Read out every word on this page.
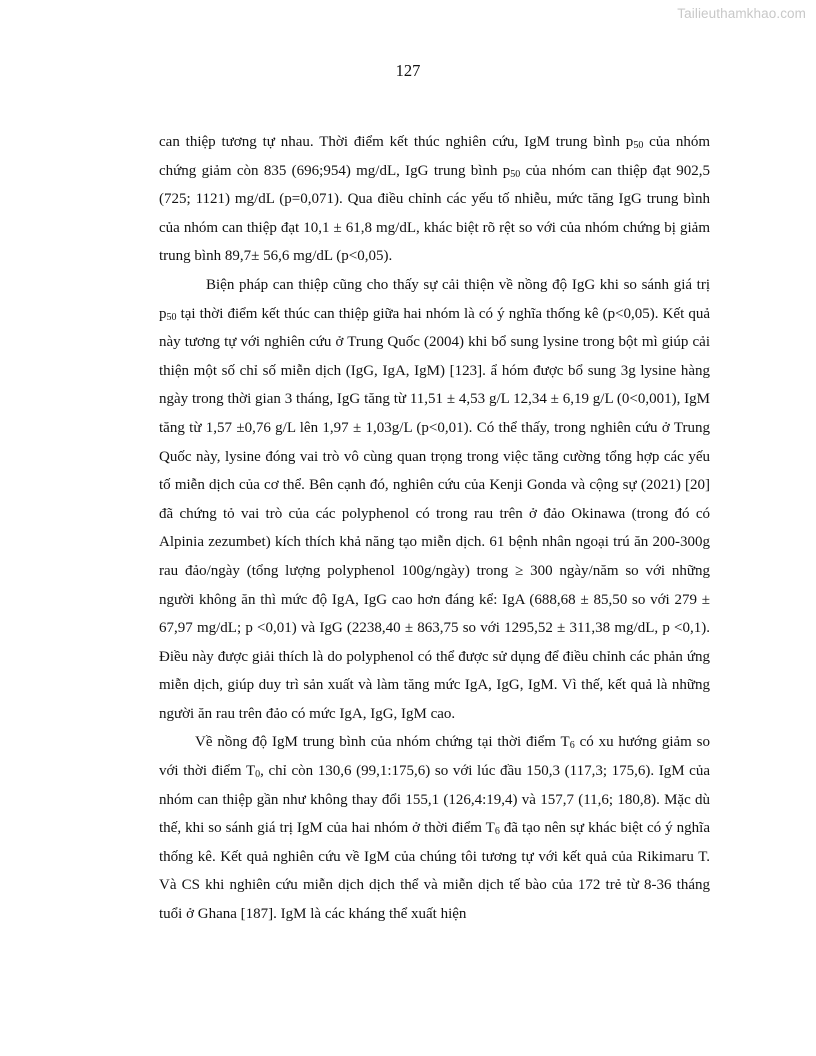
Tailieuthamkhao.com
127

can thiệp tương tự nhau. Thời điểm kết thúc nghiên cứu, IgM trung bình $p_{50}$ của nhóm chứng giảm còn 835 (696;954) mg/dL, IgG trung bình $p_{50}$ của nhóm can thiệp đạt 902,5 (725; 1121) mg/dL (p=0,071). Qua điều chỉnh các yếu tố nhiễu, mức tăng IgG trung bình của nhóm can thiệp đạt 10,1 ± 61,8 mg/dL, khác biệt rõ rệt so với của nhóm chứng bị giảm trung bình 89,7± 56,6 mg/dL (p<0,05).

Biện pháp can thiệp cũng cho thấy sự cải thiện về nồng độ IgG khi so sánh giá trị $p_{50}$ tại thời điểm kết thúc can thiệp giữa hai nhóm là có ý nghĩa thống kê (p<0,05). Kết quả này tương tự với nghiên cứu ở Trung Quốc (2004) khi bổ sung lysine trong bột mì giúp cải thiện một số chỉ số miễn dịch (IgG, IgA, IgM) [123]. ẩ hóm được bổ sung 3g lysine hàng ngày trong thời gian 3 tháng, IgG tăng từ 11,51 ± 4,53 g/L 12,34 ± 6,19 g/L (0<0,001), IgM tăng từ 1,57 ±0,76 g/L lên 1,97 ± 1,03g/L (p<0,01). Có thể thấy, trong nghiên cứu ở Trung Quốc này, lysine đóng vai trò vô cùng quan trọng trong việc tăng cường tổng hợp các yếu tố miễn dịch của cơ thể. Bên cạnh đó, nghiên cứu của Kenji Gonda và cộng sự (2021) [20] đã chứng tỏ vai trò của các polyphenol có trong rau trên ở đảo Okinawa (trong đó có Alpinia zezumbet) kích thích khả năng tạo miễn dịch. 61 bệnh nhân ngoại trú ăn 200-300g rau đảo/ngày (tổng lượng polyphenol 100g/ngày) trong ≥ 300 ngày/năm so với những người không ăn thì mức độ IgA, IgG cao hơn đáng kể: IgA (688,68 ± 85,50 so với 279 ± 67,97 mg/dL; p <0,01) và IgG (2238,40 ± 863,75 so với 1295,52 ± 311,38 mg/dL, p <0,1). Điều này được giải thích là do polyphenol có thể được sử dụng để điều chỉnh các phản ứng miễn dịch, giúp duy trì sản xuất và làm tăng mức IgA, IgG, IgM. Vì thế, kết quả là những người ăn rau trên đảo có mức IgA, IgG, IgM cao.

Về nồng độ IgM trung bình của nhóm chứng tại thời điểm $T_6$ có xu hướng giảm so với thời điểm $T_0$, chỉ còn 130,6 (99,1:175,6) so với lúc đầu 150,3 (117,3; 175,6). IgM của nhóm can thiệp gần như không thay đổi 155,1 (126,4:19,4) và 157,7 (11,6; 180,8). Mặc dù thế, khi so sánh giá trị IgM của hai nhóm ở thời điểm $T_6$ đã tạo nên sự khác biệt có ý nghĩa thống kê. Kết quả nghiên cứu về IgM của chúng tôi tương tự với kết quả của Rikimaru T. Và CS khi nghiên cứu miễn dịch dịch thể và miễn dịch tế bào của 172 trẻ từ 8-36 tháng tuổi ở Ghana [187]. IgM là các kháng thể xuất hiện
